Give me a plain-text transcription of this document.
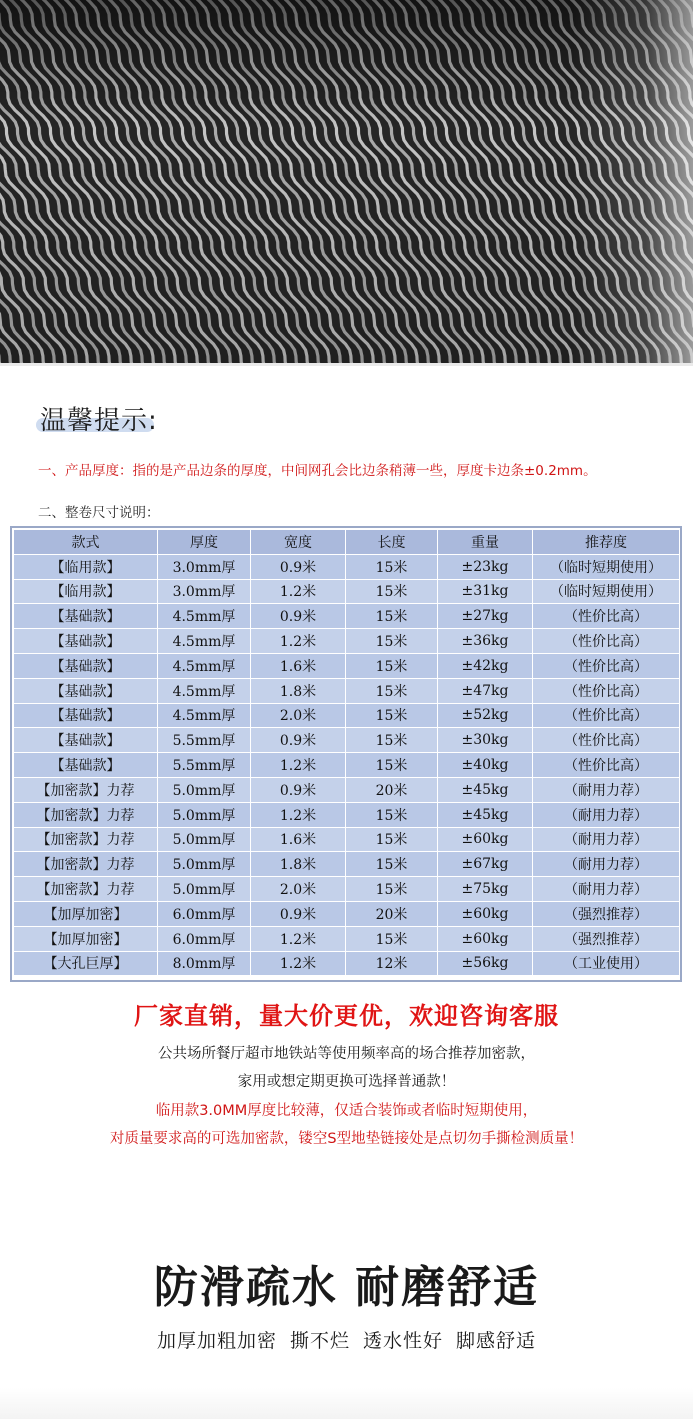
温馨提示:
一、产品厚度：指的是产品边条的厚度，中间网孔会比边条稍薄一些，厚度卡边条±0.2mm。
二、整卷尺寸说明：
款式	厚度	宽度	长度	重量	推荐度
【临用款】	3.0mm厚	0.9米	15米	±23kg	（临时短期使用）
【临用款】	3.0mm厚	1.2米	15米	±31kg	（临时短期使用）
【基础款】	4.5mm厚	0.9米	15米	±27kg	（性价比高）
【基础款】	4.5mm厚	1.2米	15米	±36kg	（性价比高）
【基础款】	4.5mm厚	1.6米	15米	±42kg	（性价比高）
【基础款】	4.5mm厚	1.8米	15米	±47kg	（性价比高）
【基础款】	4.5mm厚	2.0米	15米	±52kg	（性价比高）
【基础款】	5.5mm厚	0.9米	15米	±30kg	（性价比高）
【基础款】	5.5mm厚	1.2米	15米	±40kg	（性价比高）
【加密款】力荐	5.0mm厚	0.9米	20米	±45kg	（耐用力荐）
【加密款】力荐	5.0mm厚	1.2米	15米	±45kg	（耐用力荐）
【加密款】力荐	5.0mm厚	1.6米	15米	±60kg	（耐用力荐）
【加密款】力荐	5.0mm厚	1.8米	15米	±67kg	（耐用力荐）
【加密款】力荐	5.0mm厚	2.0米	15米	±75kg	（耐用力荐）
【加厚加密】	6.0mm厚	0.9米	20米	±60kg	（强烈推荐）
【加厚加密】	6.0mm厚	1.2米	15米	±60kg	（强烈推荐）
【大孔巨厚】	8.0mm厚	1.2米	12米	±56kg	（工业使用）
厂家直销，量大价更优，欢迎咨询客服
公共场所餐厅超市地铁站等使用频率高的场合推荐加密款，
家用或想定期更换可选择普通款！
临用款3.0MM厚度比较薄，仅适合装饰或者临时短期使用，
对质量要求高的可选加密款，镂空S型地垫链接处是点切勿手撕检测质量！
防滑疏水 耐磨舒适
加厚加粗加密 撕不烂 透水性好 脚感舒适
